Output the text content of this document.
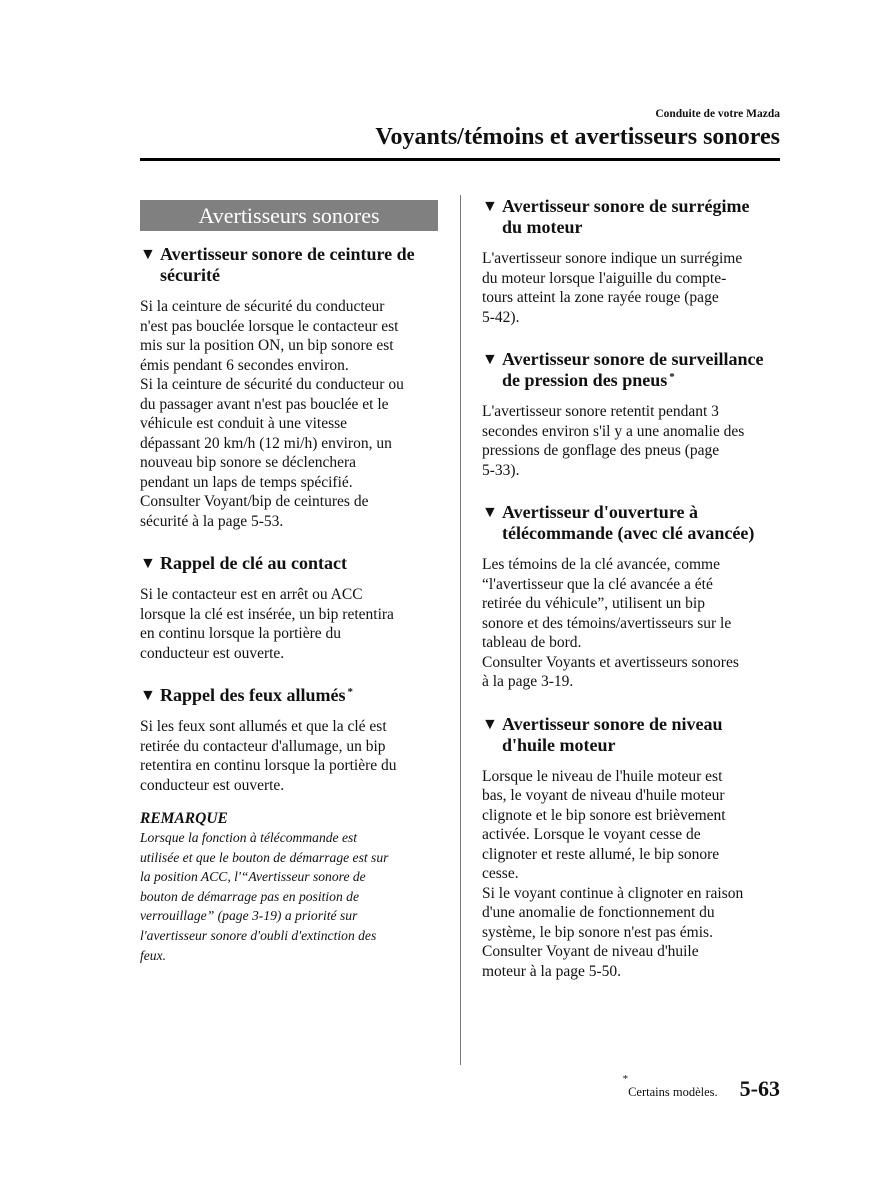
Conduite de votre Mazda
Voyants/témoins et avertisseurs sonores
Avertisseurs sonores
▼ Avertisseur sonore de ceinture de
sécurité

Si la ceinture de sécurité du conducteur
n'est pas bouclée lorsque le contacteur est
mis sur la position ON, un bip sonore est
émis pendant 6 secondes environ.
Si la ceinture de sécurité du conducteur ou
du passager avant n'est pas bouclée et le
véhicule est conduit à une vitesse
dépassant 20 km/h (12 mi/h) environ, un
nouveau bip sonore se déclenchera
pendant un laps de temps spécifié.
Consulter Voyant/bip de ceintures de
sécurité à la page 5-53.

▼ Rappel de clé au contact

Si le contacteur est en arrêt ou ACC
lorsque la clé est insérée, un bip retentira
en continu lorsque la portière du
conducteur est ouverte.

▼ Rappel des feux allumés *

Si les feux sont allumés et que la clé est
retirée du contacteur d'allumage, un bip
retentira en continu lorsque la portière du
conducteur est ouverte.

REMARQUE
Lorsque la fonction à télécommande est
utilisée et que le bouton de démarrage est sur
la position ACC, l'“Avertisseur sonore de
bouton de démarrage pas en position de
verrouillage” (page 3-19) a priorité sur
l'avertisseur sonore d'oubli d'extinction des
feux.
▼ Avertisseur sonore de surrégime
du moteur

L'avertisseur sonore indique un surrégime
du moteur lorsque l'aiguille du compte-
tours atteint la zone rayée rouge (page
5-42).

▼ Avertisseur sonore de surveillance
de pression des pneus *

L'avertisseur sonore retentit pendant 3
secondes environ s'il y a une anomalie des
pressions de gonflage des pneus (page
5-33).

▼ Avertisseur d'ouverture à
télécommande (avec clé avancée)

Les témoins de la clé avancée, comme
“l'avertisseur que la clé avancée a été
retirée du véhicule”, utilisent un bip
sonore et des témoins/avertisseurs sur le
tableau de bord.
Consulter Voyants et avertisseurs sonores
à la page 3-19.

▼ Avertisseur sonore de niveau
d'huile moteur

Lorsque le niveau de l'huile moteur est
bas, le voyant de niveau d'huile moteur
clignote et le bip sonore est brièvement
activée. Lorsque le voyant cesse de
clignoter et reste allumé, le bip sonore
cesse.
Si le voyant continue à clignoter en raison
d'une anomalie de fonctionnement du
système, le bip sonore n'est pas émis.
Consulter Voyant de niveau d'huile
moteur à la page 5-50.

*Certains modèles. 5-63
